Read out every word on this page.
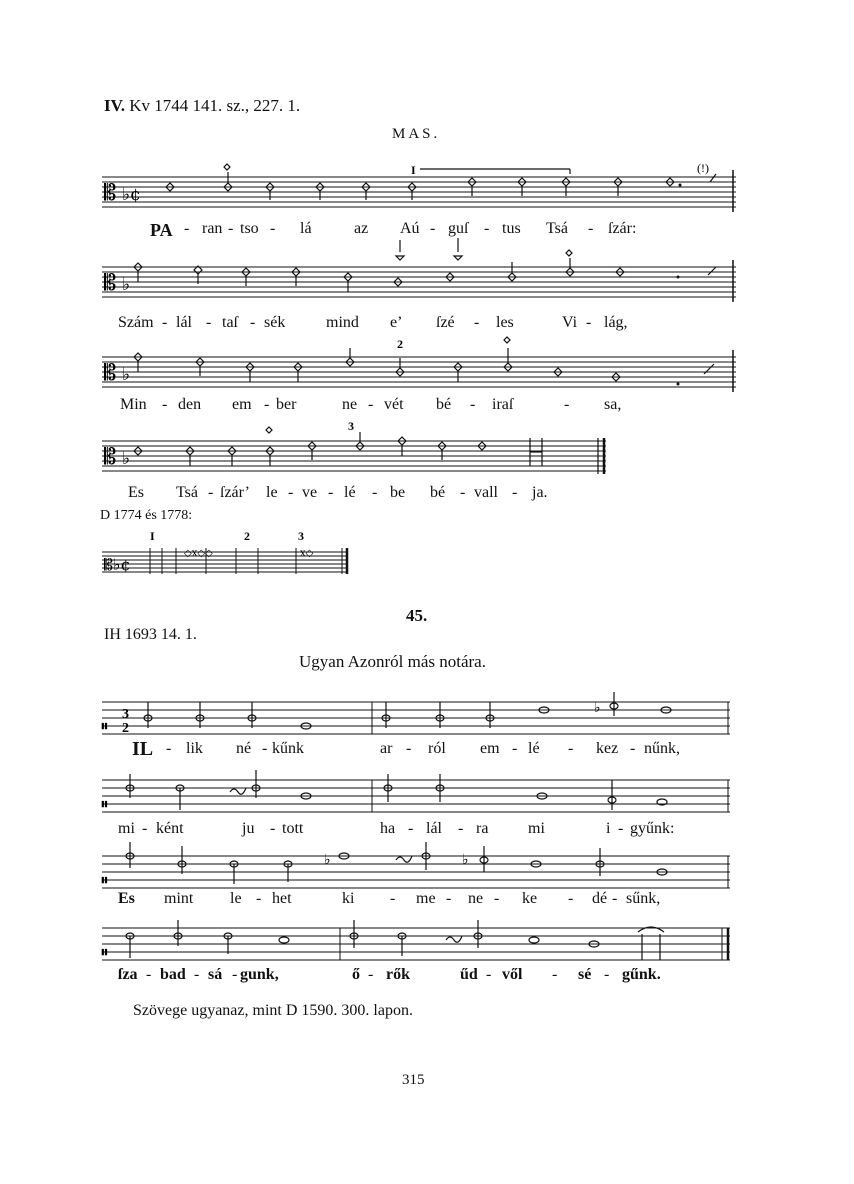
IV. Kv 1744 141. sz., 227. 1.
MAS.
𝄡 ♭¢
I	(!)
PA - ran - tso - lá	az Aú - guſ - tus Tsá - ſzár:
𝄡 ♭
Szám - lál - taſ - sék	mind e’ ſzé - les	Vi - lág,
𝄡 ♭
2
Min - den em - ber	ne - vét bé - iraſ	- sa,
𝄡 ♭
3
Es Tsá - ſzár’ le - ve - lé - be bé - vall - ja.
D 1774 és 1778:
𝄡♭¢
◇x◇◇	x◇
I	2	3
45.
IH 1693 14. 1.
Ugyan Azonról más notára.
𝄥
3
2
♭
IL - lik né - kűnk	ar - ról em - lé - kez - nűnk,
𝄥
mi - ként	ju - tott	ha - lál - ra mi	i - gyűnk:
𝄥
♭	♭
Es mint le - het	ki - me - ne - ke - dé - sűnk,
𝄥
ſza - bad - sá - gunk,	ő - rők	űd - vől - sé - gűnk.
Szövege ugyanaz, mint D 1590. 300. lapon.
315
